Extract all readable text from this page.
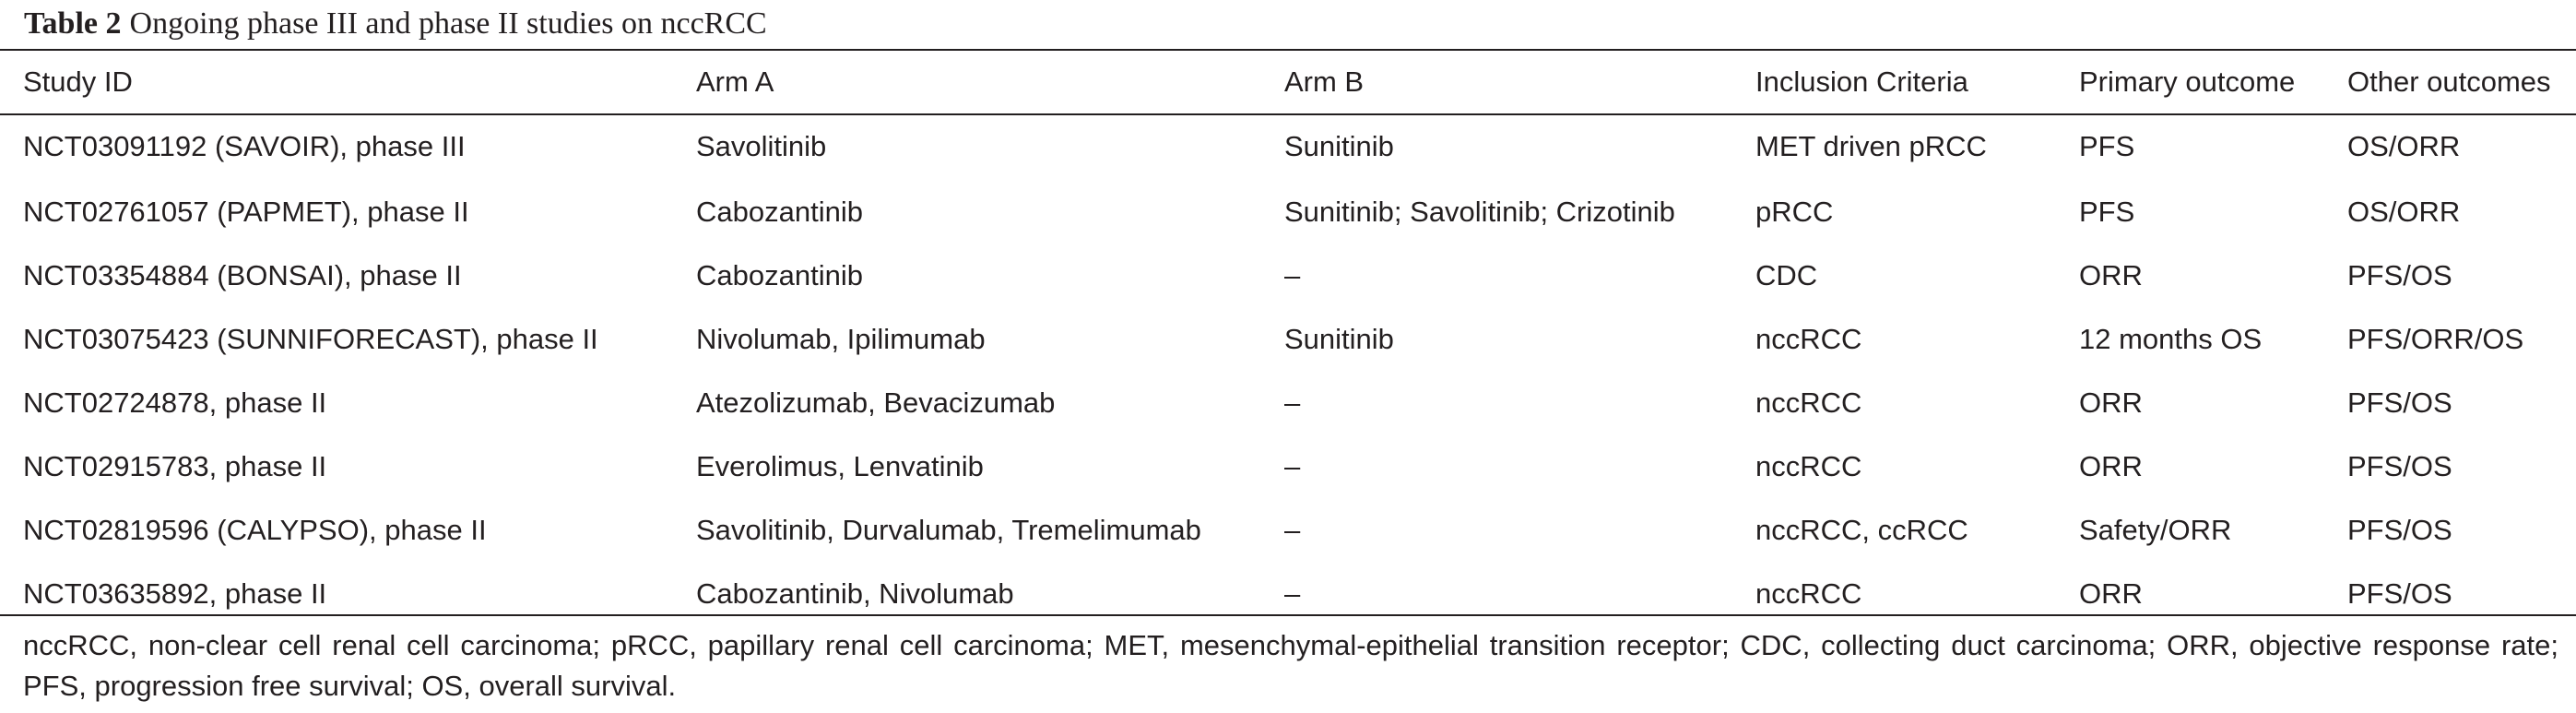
Table 2 Ongoing phase III and phase II studies on nccRCC
Study ID	Arm A	Arm B	Inclusion Criteria	Primary outcome	Other outcomes
NCT03091192 (SAVOIR), phase III	Savolitinib	Sunitinib	MET driven pRCC	PFS	OS/ORR
NCT02761057 (PAPMET), phase II	Cabozantinib	Sunitinib; Savolitinib; Crizotinib	pRCC	PFS	OS/ORR
NCT03354884 (BONSAI), phase II	Cabozantinib	–	CDC	ORR	PFS/OS
NCT03075423 (SUNNIFORECAST), phase II	Nivolumab, Ipilimumab	Sunitinib	nccRCC	12 months OS	PFS/ORR/OS
NCT02724878, phase II	Atezolizumab, Bevacizumab	–	nccRCC	ORR	PFS/OS
NCT02915783, phase II	Everolimus, Lenvatinib	–	nccRCC	ORR	PFS/OS
NCT02819596 (CALYPSO), phase II	Savolitinib, Durvalumab, Tremelimumab	–	nccRCC, ccRCC	Safety/ORR	PFS/OS
NCT03635892, phase II	Cabozantinib, Nivolumab	–	nccRCC	ORR	PFS/OS
nccRCC, non-clear cell renal cell carcinoma; pRCC, papillary renal cell carcinoma; MET, mesenchymal-epithelial transition receptor; CDC, collecting duct carcinoma; ORR, objective response rate; PFS, progression free survival; OS, overall survival.
